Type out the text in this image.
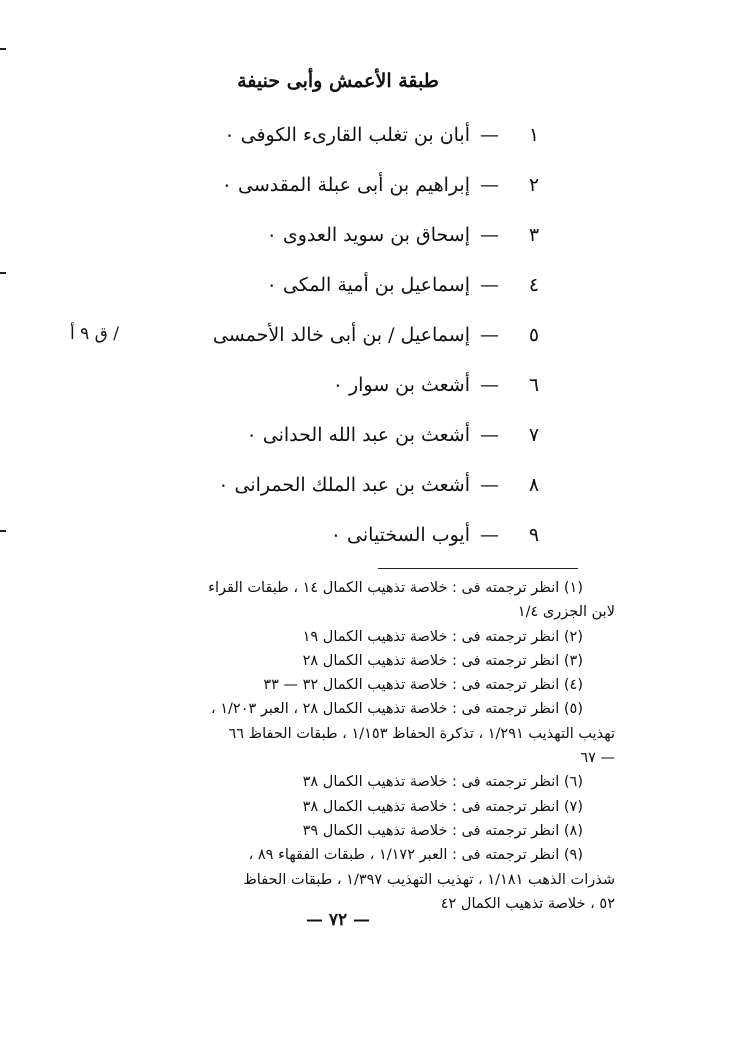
طبقة الأعمش وأبى حنيفة
١
—
أبان بن تغلب القارىء الكوفى ٠
٢
—
إبراهيم بن أبى عبلة المقدسى ٠
٣
—
إسحاق بن سويد العدوى ٠
٤
—
إسماعيل بن أمية المكى ٠
٥
—
إسماعيل / بن أبى خالد الأحمسى
/ ق ٩ أ
٦
—
أشعث بن سوار ٠
٧
—
أشعث بن عبد الله الحدانى ٠
٨
—
أشعث بن عبد الملك الحمرانى ٠
٩
—
أيوب السختيانى ٠
(١) انظر ترجمته فى : خلاصة تذهيب الكمال ١٤ ، طبقات القراء
لابن الجزرى ١/٤
(٢) انظر ترجمته فى : خلاصة تذهيب الكمال ١٩
(٣) انظر ترجمته فى : خلاصة تذهيب الكمال ٢٨
(٤) انظر ترجمته فى : خلاصة تذهيب الكمال ٣٢ — ٣٣
(٥) انظر ترجمته فى : خلاصة تذهيب الكمال ٢٨ ، العبر ١/٢٠٣ ،
تهذيب التهذيب ١/٢٩١ ، تذكرة الحفاظ ١/١٥٣ ، طبقات الحفاظ ٦٦
— ٦٧
(٦) انظر ترجمته فى : خلاصة تذهيب الكمال ٣٨
(٧) انظر ترجمته فى : خلاصة تذهيب الكمال ٣٨
(٨) انظر ترجمته فى : خلاصة تذهيب الكمال ٣٩
(٩) انظر ترجمته فى : العبر ١/١٧٢ ، طبقات الفقهاء ٨٩ ،
شذرات الذهب ١/١٨١ ، تهذيب التهذيب ١/٣٩٧ ، طبقات الحفاظ
٥٢ ، خلاصة تذهيب الكمال ٤٢
— ٧٢ —
